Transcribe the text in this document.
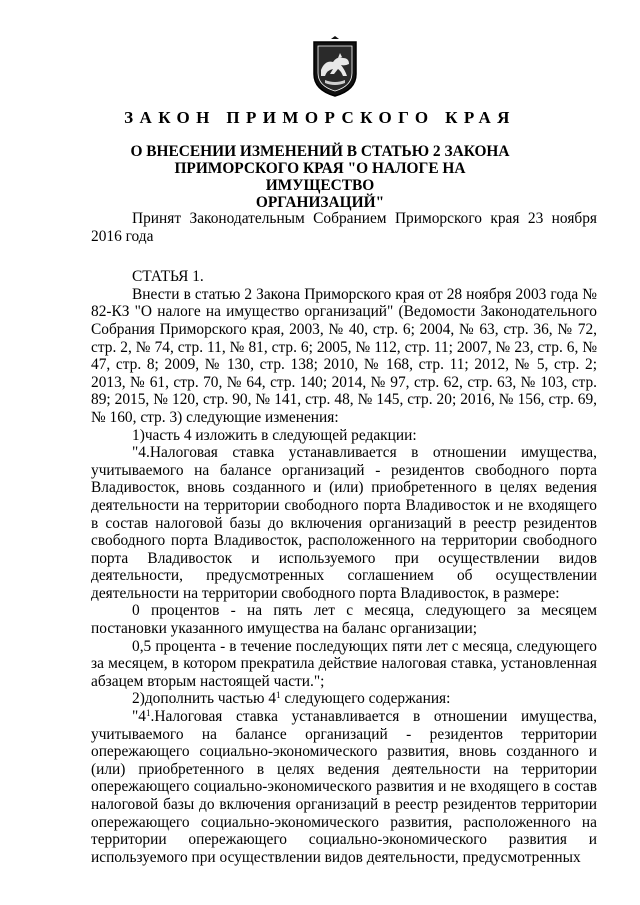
ЗАКОН ПРИМОРСКОГО КРАЯ
О ВНЕСЕНИИ ИЗМЕНЕНИЙ В СТАТЬЮ 2 ЗАКОНА
ПРИМОРСКОГО КРАЯ "О НАЛОГЕ НА ИМУЩЕСТВО
ОРГАНИЗАЦИЙ"

Принят Законодательным Собранием Приморского края 23 ноября 2016 года

СТАТЬЯ 1.

Внести в статью 2 Закона Приморского края от 28 ноября 2003 года № 82-КЗ "О налоге на имущество организаций" (Ведомости Законодательного Собрания Приморского края, 2003, № 40, стр. 6; 2004, № 63, стр. 36, № 72, стр. 2, № 74, стр. 11, № 81, стр. 6; 2005, № 112, стр. 11; 2007, № 23, стр. 6, № 47, стр. 8; 2009, № 130, стр. 138; 2010, № 168, стр. 11; 2012, № 5, стр. 2; 2013, № 61, стр. 70, № 64, стр. 140; 2014, № 97, стр. 62, стр. 63, № 103, стр. 89; 2015, № 120, стр. 90, № 141, стр. 48, № 145, стр. 20; 2016, № 156, стр. 69, № 160, стр. 3) следующие изменения:

1)часть 4 изложить в следующей редакции:

"4.Налоговая ставка устанавливается в отношении имущества, учитываемого на балансе организаций - резидентов свободного порта Владивосток, вновь созданного и (или) приобретенного в целях ведения деятельности на территории свободного порта Владивосток и не входящего в состав налоговой базы до включения организаций в реестр резидентов свободного порта Владивосток, расположенного на территории свободного порта Владивосток и используемого при осуществлении видов деятельности, предусмотренных соглашением об осуществлении деятельности на территории свободного порта Владивосток, в размере:

0 процентов - на пять лет с месяца, следующего за месяцем постановки указанного имущества на баланс организации;

0,5 процента - в течение последующих пяти лет с месяца, следующего за месяцем, в котором прекратила действие налоговая ставка, установленная абзацем вторым настоящей части.";

2)дополнить частью $4^1$ следующего содержания:

"$4^1.Налоговая$ ставка устанавливается в отношении имущества, учитываемого на балансе организаций - резидентов территории опережающего социально-экономического развития, вновь созданного и (или) приобретенного в целях ведения деятельности на территории опережающего социально-экономического развития и не входящего в состав налоговой базы до включения организаций в реестр резидентов территории опережающего социально-экономического развития, расположенного на территории опережающего социально-экономического развития и используемого при осуществлении видов деятельности, предусмотренных
